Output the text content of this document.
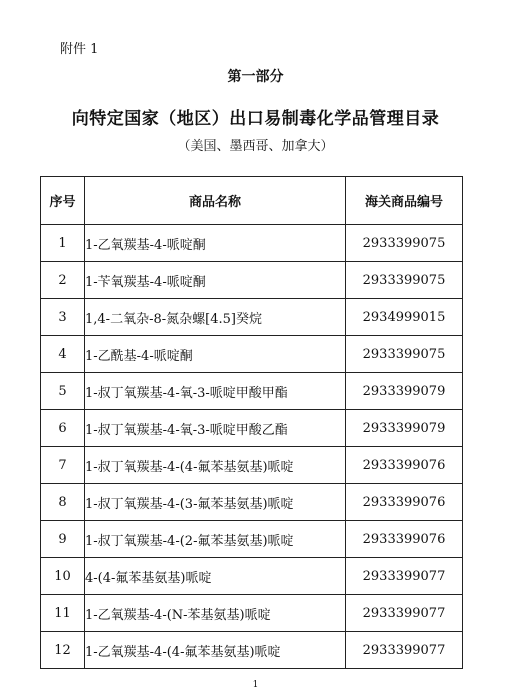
附件 1
第一部分
向特定国家（地区）出口易制毒化学品管理目录
（美国、墨西哥、加拿大）
序号	商品名称	海关商品编号
1	1-乙氧羰基-4-哌啶酮	2933399075
2	1-苄氧羰基-4-哌啶酮	2933399075
3	1,4-二氧杂-8-氮杂螺[4.5]癸烷	2934999015
4	1-乙酰基-4-哌啶酮	2933399075
5	1-叔丁氧羰基-4-氧-3-哌啶甲酸甲酯	2933399079
6	1-叔丁氧羰基-4-氧-3-哌啶甲酸乙酯	2933399079
7	1-叔丁氧羰基-4-(4-氟苯基氨基)哌啶	2933399076
8	1-叔丁氧羰基-4-(3-氟苯基氨基)哌啶	2933399076
9	1-叔丁氧羰基-4-(2-氟苯基氨基)哌啶	2933399076
10	4-(4-氟苯基氨基)哌啶	2933399077
11	1-乙氧羰基-4-(N-苯基氨基)哌啶	2933399077
12	1-乙氧羰基-4-(4-氟苯基氨基)哌啶	2933399077
1
